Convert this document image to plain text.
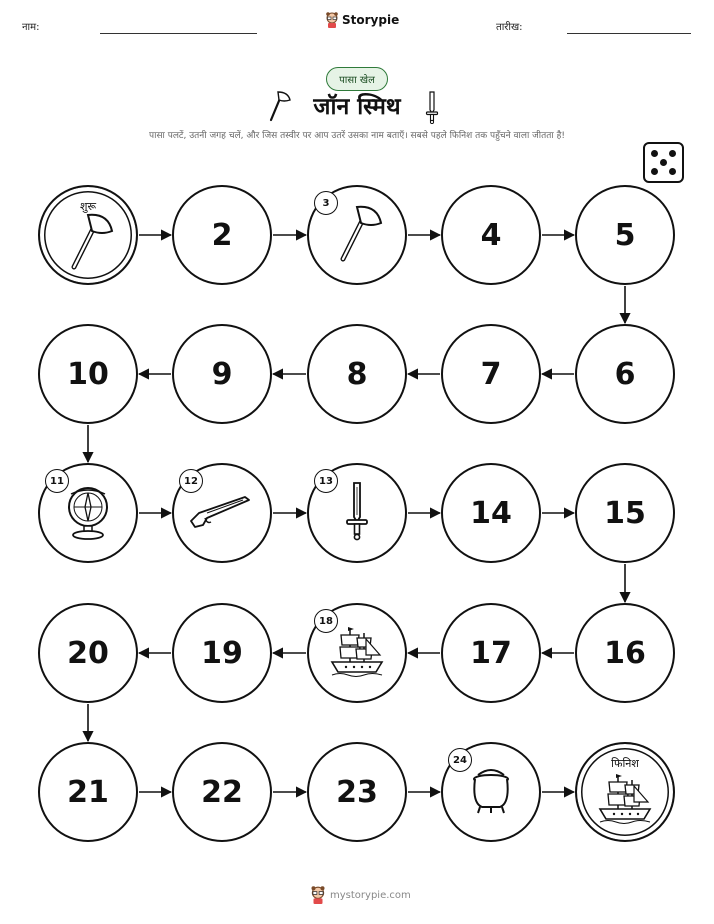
नाम:	तारीख:
Storypie
पासा खेल
जॉन स्मिथ
पासा पलटें, उतनी जगह चलें, और जिस तस्वीर पर आप उतरें उसका नाम बताएँ। सबसे पहले फिनिश तक पहुँचने वाला जीतता है!
शुरू
2
3
4	5
6
7
8
9
10
11	12	13
14	15
16
17
18
19
20
21	22	23
24	फिनिश
mystorypie.com
